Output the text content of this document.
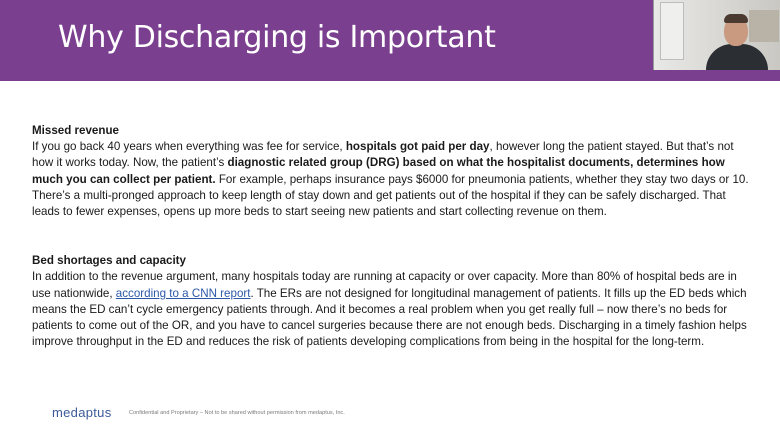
Why Discharging is Important

Missed revenue

If you go back 40 years when everything was fee for service, hospitals got paid per day, however long the patient stayed. But that’s not how it works today. Now, the patient’s diagnostic related group (DRG) based on what the hospitalist documents, determines how much you can collect per patient. For example, perhaps insurance pays $6000 for pneumonia patients, whether they stay two days or 10.

There’s a multi-pronged approach to keep length of stay down and get patients out of the hospital if they can be safely discharged. That leads to fewer expenses, opens up more beds to start seeing new patients and start collecting revenue on them.

Bed shortages and capacity

In addition to the revenue argument, many hospitals today are running at capacity or over capacity. More than 80% of hospital beds are in use nationwide, according to a CNN report. The ERs are not designed for longitudinal management of patients. It fills up the ED beds which means the ED can’t cycle emergency patients through. And it becomes a real problem when you get really full – now there’s no beds for patients to come out of the OR, and you have to cancel surgeries because there are not enough beds. Discharging in a timely fashion helps improve throughput in the ED and reduces the risk of patients developing complications from being in the hospital for the long-term.

medaptus	Confidential and Proprietary – Not to be shared without permission from medaptus, Inc.
